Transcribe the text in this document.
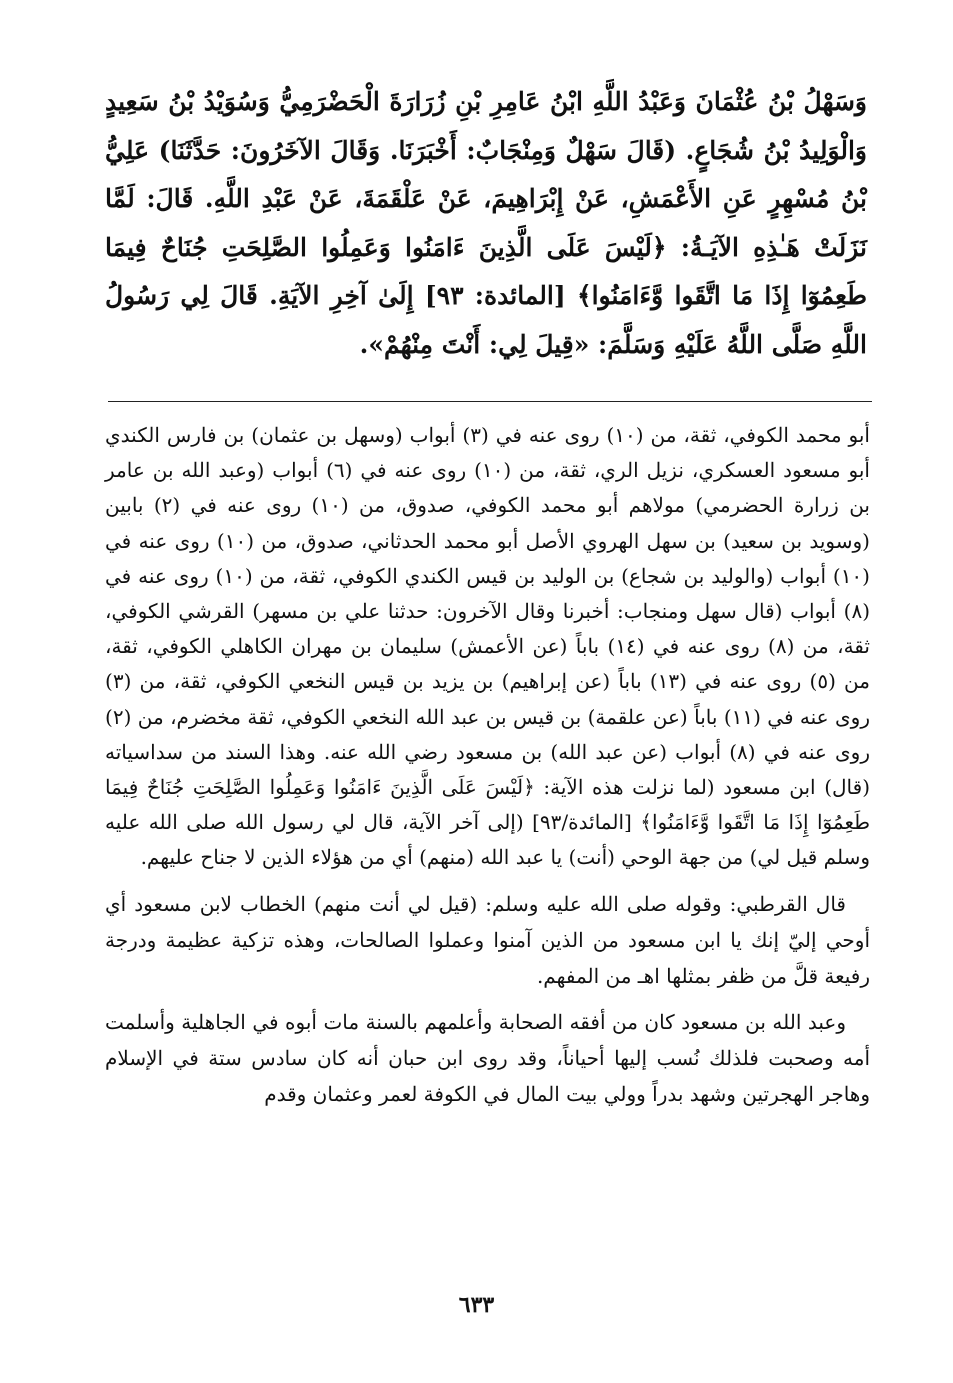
وَسَهْلُ بْنُ عُثْمَانَ وَعَبْدُ اللَّهِ ابْنُ عَامِرِ بْنِ زُرَارَةَ الْحَضْرَمِيُّ وَسُوَيْدُ بْنُ سَعِيدٍ وَالْوَلِيدُ بْنُ شُجَاعٍ. (قَالَ سَهْلٌ وَمِنْجَابٌ: أَخْبَرَنَا. وَقَالَ الآخَرُونَ: حَدَّثَنَا) عَلِيُّ بْنُ مُسْهِرٍ عَنِ الأَعْمَشِ، عَنْ إِبْرَاهِيمَ، عَنْ عَلْقَمَةَ، عَنْ عَبْدِ اللَّهِ. قَالَ: لَمَّا نَزَلَتْ هَـٰذِهِ الآيَـةُ: ﴿لَيْسَ عَلَى الَّذِينَ ءَامَنُوا وَعَمِلُوا الصَّلِحَتِ جُنَاحٌ فِيمَا طَعِمُوٓا إِذَا مَا اتَّقَوا وَّءَامَنُوا﴾ [المائدة: ٩٣] إِلَىٰ آخِرِ الآيَةِ. قَالَ لِي رَسُولُ اللَّهِ صَلَّى اللَّهُ عَلَيْهِ وَسَلَّمَ: «قِيلَ لِي: أَنْتَ مِنْهُمْ».

أبو محمد الكوفي، ثقة، من (١٠) روى عنه في (٣) أبواب (وسهل بن عثمان) بن فارس الكندي أبو مسعود العسكري، نزيل الري، ثقة، من (١٠) روى عنه في (٦) أبواب (وعبد الله بن عامر بن زرارة الحضرمي) مولاهم أبو محمد الكوفي، صدوق، من (١٠) روى عنه في (٢) بابين (وسويد بن سعيد) بن سهل الهروي الأصل أبو محمد الحدثاني، صدوق، من (١٠) روى عنه في (١٠) أبواب (والوليد بن شجاع) بن الوليد بن قيس الكندي الكوفي، ثقة، من (١٠) روى عنه في (٨) أبواب (قال سهل ومنجاب: أخبرنا وقال الآخرون: حدثنا علي بن مسهر) القرشي الكوفي، ثقة، من (٨) روى عنه في (١٤) باباً (عن الأعمش) سليمان بن مهران الكاهلي الكوفي، ثقة، من (٥) روى عنه في (١٣) باباً (عن إبراهيم) بن يزيد بن قيس النخعي الكوفي، ثقة، من (٣) روى عنه في (١١) باباً (عن علقمة) بن قيس بن عبد الله النخعي الكوفي، ثقة مخضرم، من (٢) روى عنه في (٨) أبواب (عن عبد الله) بن مسعود رضي الله عنه. وهذا السند من سداسياته (قال) ابن مسعود (لما نزلت هذه الآية: ﴿لَيْسَ عَلَى الَّذِينَ ءَامَنُوا وَعَمِلُوا الصَّلِحَتِ جُنَاحٌ فِيمَا طَعِمُوٓا إِذَا مَا اتَّقَوا وَّءَامَنُوا﴾ [المائدة/٩٣] (إلى آخر الآية، قال لي رسول الله صلى الله عليه وسلم قيل لي) من جهة الوحي (أنت) يا عبد الله (منهم) أي من هؤلاء الذين لا جناح عليهم.

قال القرطبي: وقوله صلى الله عليه وسلم: (قيل لي أنت منهم) الخطاب لابن مسعود أي أوحي إليّ إنك يا ابن مسعود من الذين آمنوا وعملوا الصالحات، وهذه تزكية عظيمة ودرجة رفيعة قلَّ من ظفر بمثلها اهـ من المفهم.

وعبد الله بن مسعود كان من أفقه الصحابة وأعلمهم بالسنة مات أبوه في الجاهلية وأسلمت أمه وصحبت فلذلك نُسب إليها أحياناً، وقد روى ابن حبان أنه كان سادس ستة في الإسلام وهاجر الهجرتين وشهد بدراً وولي بيت المال في الكوفة لعمر وعثمان وقدم

٦٣٣
